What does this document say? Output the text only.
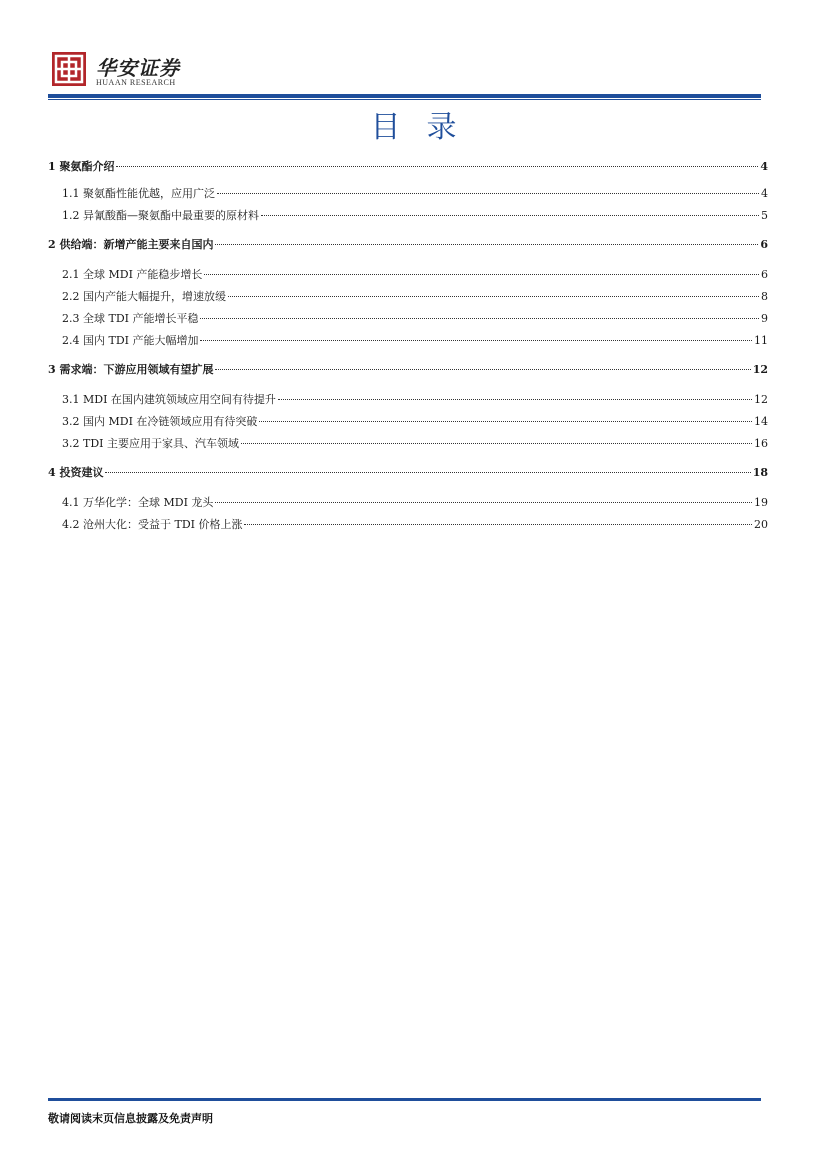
华安证券
HUAAN RESEARCH
目录
1 聚氨酯介绍	4
1.1 聚氨酯性能优越，应用广泛	4
1.2 异氰酸酯—聚氨酯中最重要的原材料	5
2 供给端：新增产能主要来自国内	6
2.1 全球 MDI 产能稳步增长	6
2.2 国内产能大幅提升，增速放缓	8
2.3 全球 TDI 产能增长平稳	9
2.4 国内 TDI 产能大幅增加	11
3 需求端：下游应用领域有望扩展	12
3.1 MDI 在国内建筑领域应用空间有待提升	12
3.2 国内 MDI 在冷链领域应用有待突破	14
3.2 TDI 主要应用于家具、汽车领域	16
4 投资建议	18
4.1 万华化学：全球 MDI 龙头	19
4.2 沧州大化：受益于 TDI 价格上涨	20
敬请阅读末页信息披露及免责声明
